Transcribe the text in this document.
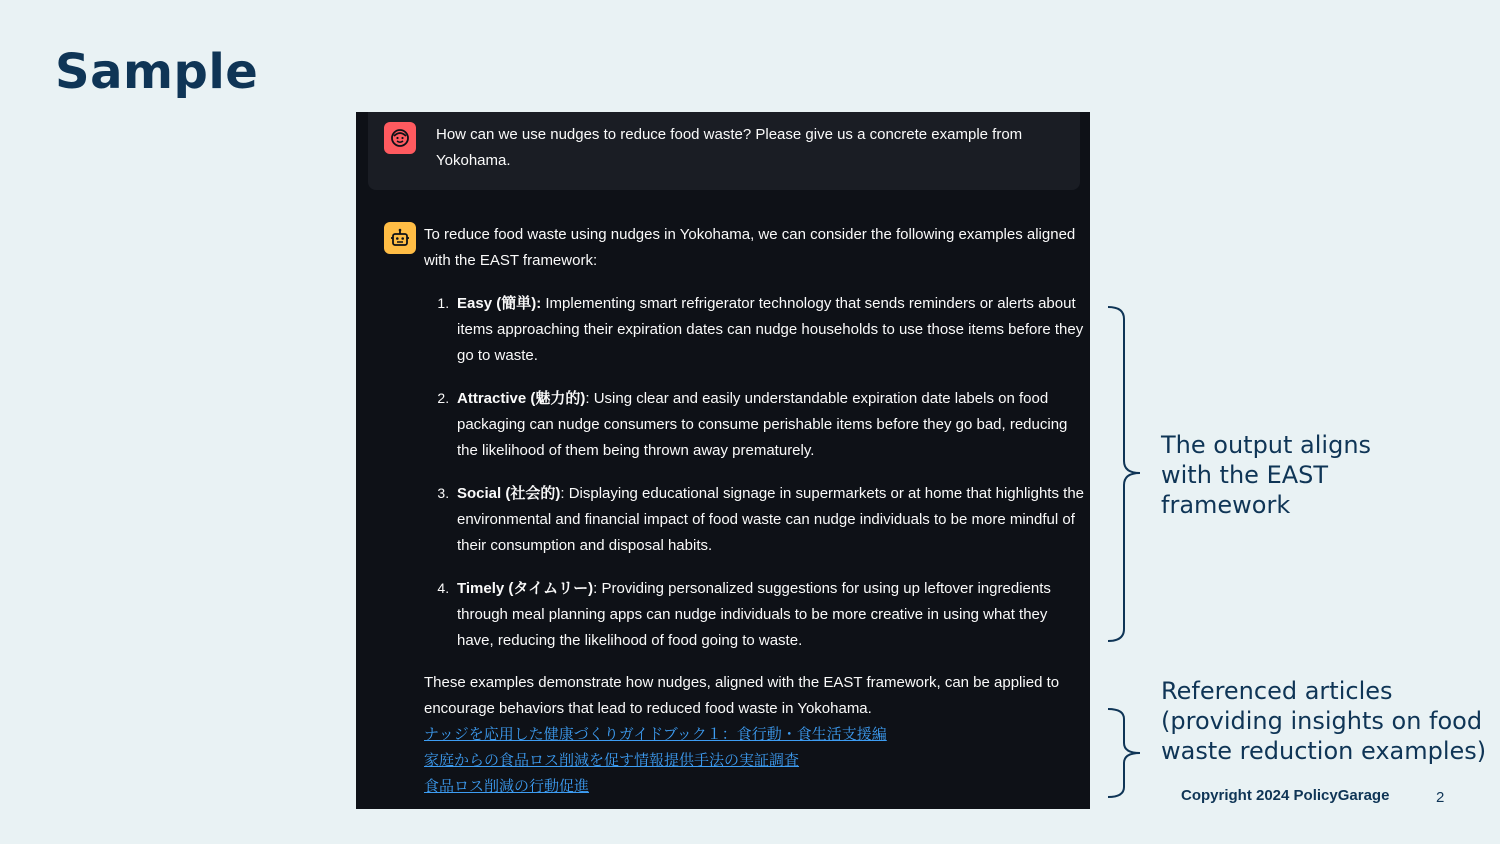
Sample
How can we use nudges to reduce food waste? Please give us a concrete example from Yokohama.

To reduce food waste using nudges in Yokohama, we can consider the following examples aligned with the EAST framework:

1. Easy (簡単): Implementing smart refrigerator technology that sends reminders or alerts about items approaching their expiration dates can nudge households to use those items before they go to waste.
2. Attractive (魅力的): Using clear and easily understandable expiration date labels on food packaging can nudge consumers to consume perishable items before they go bad, reducing the likelihood of them being thrown away prematurely.
3. Social (社会的): Displaying educational signage in supermarkets or at home that highlights the environmental and financial impact of food waste can nudge individuals to be more mindful of their consumption and disposal habits.
4. Timely (タイムリー): Providing personalized suggestions for using up leftover ingredients through meal planning apps can nudge individuals to be more creative in using what they have, reducing the likelihood of food going to waste.

These examples demonstrate how nudges, aligned with the EAST framework, can be applied to encourage behaviors that lead to reduced food waste in Yokohama.

ナッジを応用した健康づくりガイドブック１：食行動・食生活支援編
家庭からの食品ロス削減を促す情報提供手法の実証調査
食品ロス削減の行動促進
The output aligns with the EAST framework
Referenced articles (providing insights on food waste reduction examples)
Copyright 2024 PolicyGarage	2
